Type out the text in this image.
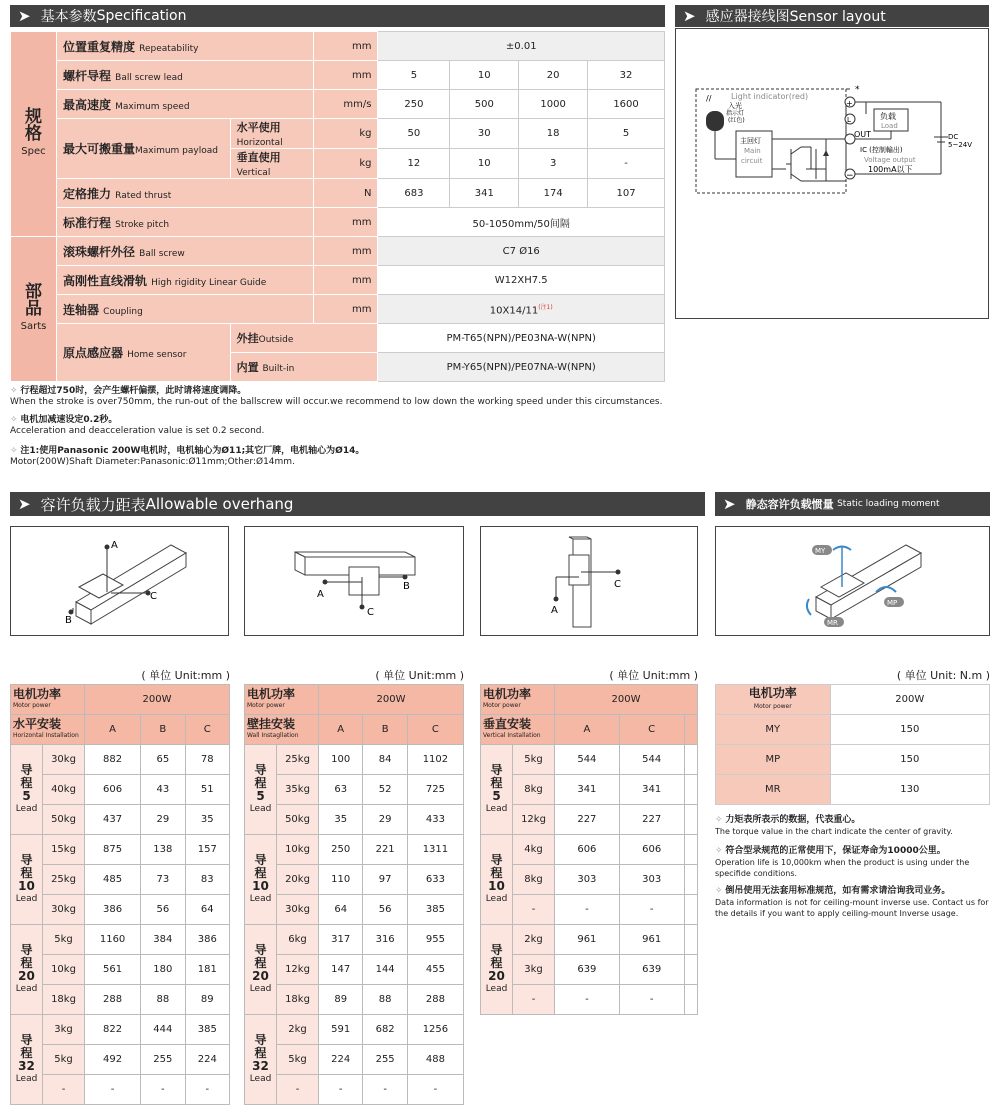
➤ 基本参数 Specification
规
格
Spec	位置重复精度 Repeatability		mm	±0.01			
	螺杆导程 Ball screw lead		mm	5	10	20	32
	最高速度 Maximum speed		mm/s	250	500	1000	1600
	最大可搬重量Maximum payload	水平使用 Horizontal	kg	50	30	18	5
		垂直使用 Vertical	kg	12	10	3	-
	定格推力 Rated thrust		N	683	341	174	107
	标准行程 Stroke pitch		mm	50-1050mm/50间隔			

部
品
Sarts	滚珠螺杆外径 Ball screw		mm	C7 Ø16			
	高刚性直线滑轨 High rigidity Linear Guide		mm	W12XH7.5			
	连轴器 Coupling		mm	$10X14/11^{(注1)}$
	原点感应器 Home sensor	外挂Outside		PM-T65(NPN)/PE03NA-W(NPN)			
		内置 Built-in		PM-Y65(NPN)/PE07NA-W(NPN)			
➤ 感应器接线图Sensor layout
Light indicator(red)
//
入光
指示灯
(红色)
主回灯
Main
circuit
+
*
L
−
负载
Load
OUT
IC (控制輸出)
Voltage output
100mA以下
DC
5~24V
✧ 行程超过750时，会产生螺杆偏摆，此时请将速度调降。
When the stroke is over750mm, the run-out of the ballscrew will occur.we recommend to low down the working speed under this circumstances.
✧ 电机加减速设定0.2秒。
Acceleration and deacceleration value is set 0.2 second.
✧ 注1:使用Panasonic 200W电机时，电机轴心为Ø11;其它厂牌，电机轴心为Ø14。
Motor(200W)Shaft Diameter:Panasonic:Ø11mm;Other:Ø14mm.
➤ 容许负载力距表 Allowable overhang	➤ 静态容许负载惯量
Static loading moment
A
C
B
A
C
B
A
C
MY
MP
MR
( 单位 Unit:mm )	( 单位 Unit:mm )	( 单位 Unit:mm )	( 单位 Unit: N.m )
电机功率
Motor power		200W		
水平安装
Horizontal Installation		A	B	C
导
程
5
Lead	30kg	882	65	78
	40kg	606	43	51
	50kg	437	29	35
导
程
10
Lead	15kg	875	138	157
	25kg	485	73	83
	30kg	386	56	64
导
程
20
Lead	5kg	1160	384	386
	10kg	561	180	181
	18kg	288	88	89
导
程
32
Lead	3kg	822	444	385
	5kg	492	255	224
	-	-	-	-
电机功率
Motor power		200W		
壁挂安装
Wall Instagllation		A	B	C
导
程
5
Lead	25kg	100	84	1102
	35kg	63	52	725
	50kg	35	29	433
导
程
10
Lead	10kg	250	221	1311
	20kg	110	97	633
	30kg	64	56	385
导
程
20
Lead	6kg	317	316	955
	12kg	147	144	455
	18kg	89	88	288
导
程
32
Lead	2kg	591	682	1256
	5kg	224	255	488
	-	-	-	-
电机功率
Motor power		200W		
垂直安装
Vertical Installation		A	C	
导
程
5
Lead	5kg	544	544	
	8kg	341	341	
	12kg	227	227	
导
程
10
Lead	4kg	606	606	
	8kg	303	303	
	-	-	-	
导
程
20
Lead	2kg	961	961	
	3kg	639	639	
	-	-	-	
电机功率
Motor power	200W
MY	150
MP	150
MR	130
✧ 力矩表所表示的数据，代表重心。
The torque value in the chart indicate the center of gravity.
✧ 符合型录规范的正常使用下，保证寿命为10000公里。
Operation life is 10,000km when the product is using under the specifide conditions.
✧ 倒吊使用无法套用标准规范，如有需求请洽询我司业务。
Data information is not for ceiling-mount inverse use. Contact us for the details if you want to apply ceiling-mount Inverse usage.
